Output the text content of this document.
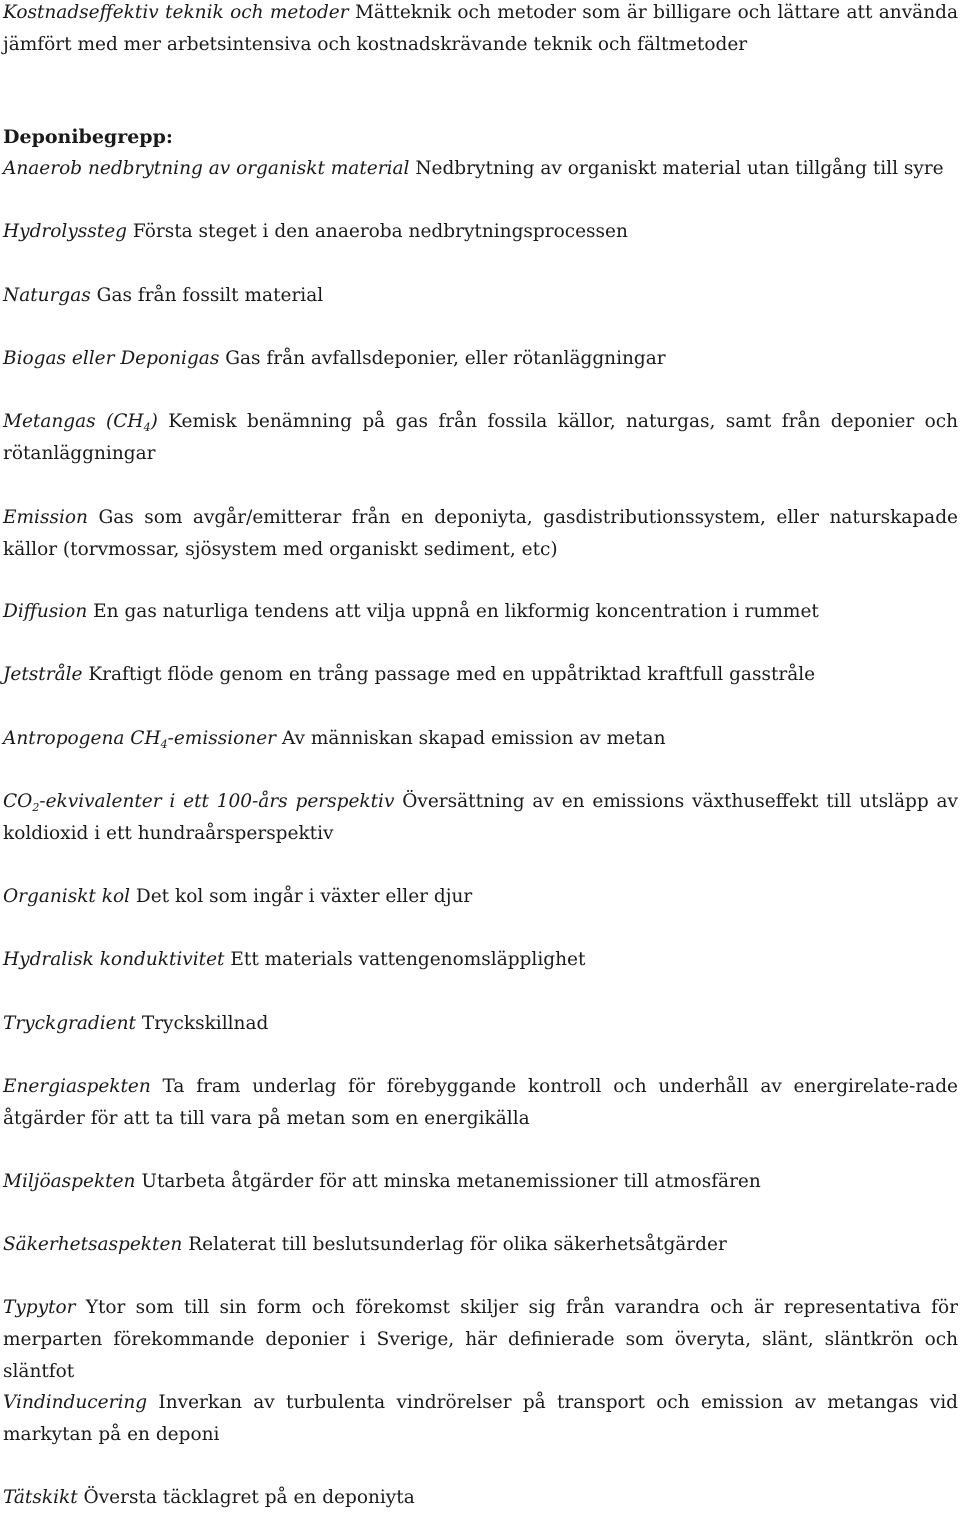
Kostnadseffektiv teknik och metoder Mätteknik och metoder som är billigare och lättare att använda jämfört med mer arbetsintensiva och kostnadskrävande teknik och fältmetoder
Deponibegrepp:
Anaerob nedbrytning av organiskt material Nedbrytning av organiskt material utan tillgång till syre
Hydrolyssteg Första steget i den anaeroba nedbrytningsprocessen
Naturgas Gas från fossilt material
Biogas eller Deponigas Gas från avfallsdeponier, eller rötanläggningar
Metangas $(CH_4)$ Kemisk benämning på gas från fossila källor, naturgas, samt från deponier och rötanläggningar
Emission Gas som avgår/emitterar från en deponiyta, gasdistributionssystem, eller naturskapade källor (torvmossar, sjösystem med organiskt sediment, etc)
Diffusion En gas naturliga tendens att vilja uppnå en likformig koncentration i rummet
Jetstråle Kraftigt flöde genom en trång passage med en uppåtriktad kraftfull gasstråle
Antropogena $CH_4$-emissioner Av människan skapad emission av metan
$CO_2$-ekvivalenter i ett 100-års perspektiv Översättning av en emissions växthuseffekt till utsläpp av koldioxid i ett hundraårsperspektiv
Organiskt kol Det kol som ingår i växter eller djur
Hydralisk konduktivitet Ett materials vattengenomsläpplighet
Tryckgradient Tryckskillnad
Energiaspekten Ta fram underlag för förebyggande kontroll och underhåll av energirelate-rade åtgärder för att ta till vara på metan som en energikälla
Miljöaspekten Utarbeta åtgärder för att minska metanemissioner till atmosfären
Säkerhetsaspekten Relaterat till beslutsunderlag för olika säkerhetsåtgärder
Typytor Ytor som till sin form och förekomst skiljer sig från varandra och är representativa för merparten förekommande deponier i Sverige, här definierade som överyta, slänt, släntkrön och släntfot
Vindinducering Inverkan av turbulenta vindrörelser på transport och emission av metangas vid markytan på en deponi
Tätskikt Översta täcklagret på en deponiyta
